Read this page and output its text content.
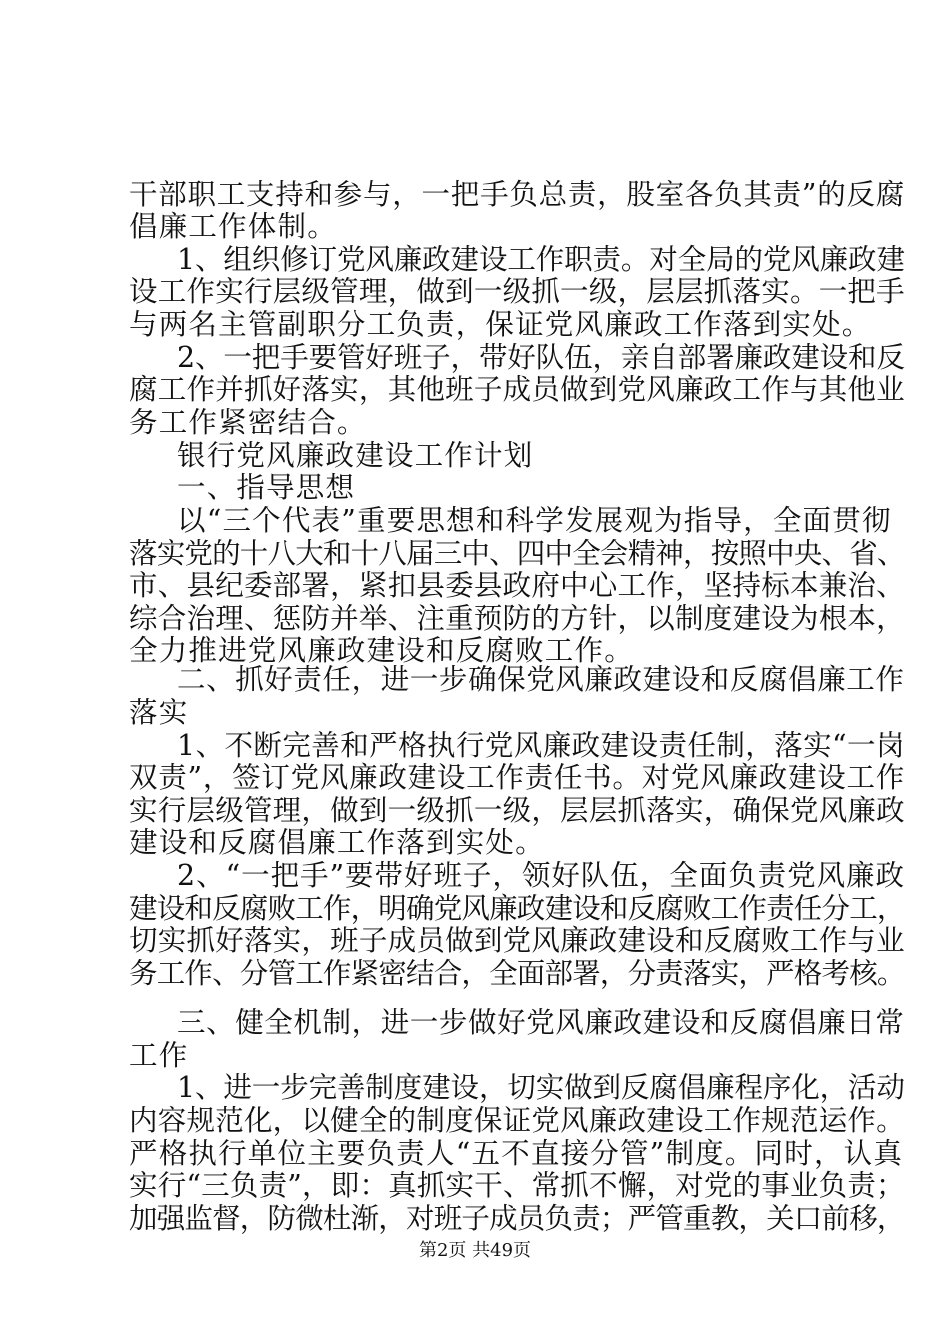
干部职工支持和参与，一把手负总责，股室各负其责”的反腐
倡廉工作体制。
1、组织修订党风廉政建设工作职责。对全局的党风廉政建
设工作实行层级管理，做到一级抓一级，层层抓落实。一把手
与两名主管副职分工负责，保证党风廉政工作落到实处。
2、一把手要管好班子，带好队伍，亲自部署廉政建设和反
腐工作并抓好落实，其他班子成员做到党风廉政工作与其他业
务工作紧密结合。
银行党风廉政建设工作计划
一、指导思想
以“三个代表”重要思想和科学发展观为指导，全面贯彻
落实党的十八大和十八届三中、四中全会精神，按照中央、省、
市、县纪委部署，紧扣县委县政府中心工作，坚持标本兼治、
综合治理、惩防并举、注重预防的方针，以制度建设为根本，
全力推进党风廉政建设和反腐败工作。
二、抓好责任，进一步确保党风廉政建设和反腐倡廉工作
落实
1、不断完善和严格执行党风廉政建设责任制，落实“一岗
双责”，签订党风廉政建设工作责任书。对党风廉政建设工作
实行层级管理，做到一级抓一级，层层抓落实，确保党风廉政
建设和反腐倡廉工作落到实处。
2、“一把手”要带好班子，领好队伍，全面负责党风廉政
建设和反腐败工作，明确党风廉政建设和反腐败工作责任分工，
切实抓好落实，班子成员做到党风廉政建设和反腐败工作与业
务工作、分管工作紧密结合，全面部署，分责落实，严格考核。
三、健全机制，进一步做好党风廉政建设和反腐倡廉日常
工作
1、进一步完善制度建设，切实做到反腐倡廉程序化，活动
内容规范化，以健全的制度保证党风廉政建设工作规范运作。
严格执行单位主要负责人“五不直接分管”制度。同时，认真
实行“三负责”，即：真抓实干、常抓不懈，对党的事业负责；
加强监督，防微杜渐，对班子成员负责；严管重教，关口前移，
第2页 共49页
